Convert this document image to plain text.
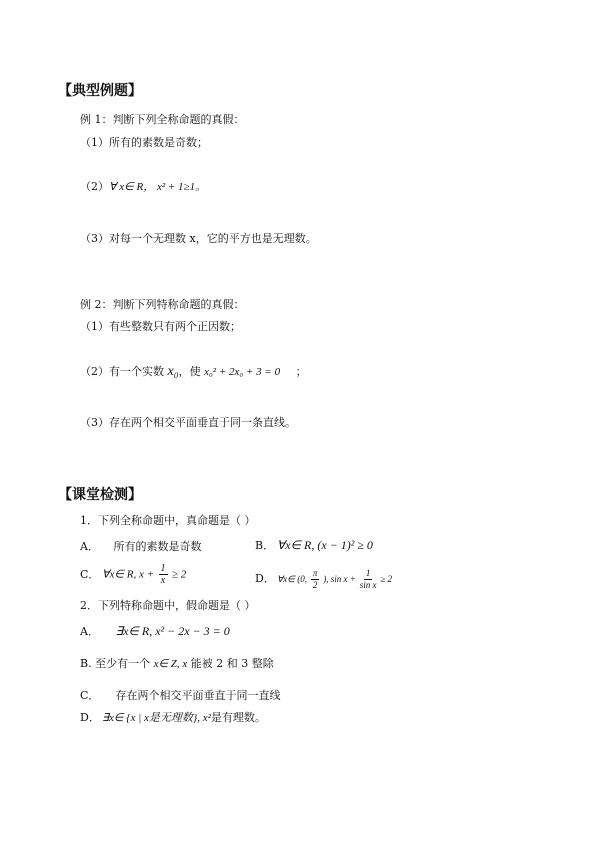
【典型例题】
例 1：判断下列全称命题的真假：
（1）所有的素数是奇数；
（2）∀ x∈ R， x² + 1≥1。
（3）对每一个无理数 x，它的平方也是无理数。
例 2：判断下列特称命题的真假：
（1）有些整数只有两个正因数；
（2）有一个实数 x₀，使 x₀² + 2x₀ + 3 = 0 ；
（3）存在两个相交平面垂直于同一条直线。
【课堂检测】
1．下列全称命题中，真命题是（ ）
A． 所有的素数是奇数	B． ∀x∈ R, (x − 1)² ≥ 0
C． ∀x∈ R, $x + \frac{1}{x} \ge 2$	D． ∀x∈ (0, $\frac{\pi}{2}$ ), $\sin x + \frac{1}{\text{sin x}} \ge 2$
2．下列特称命题中，假命题是（ ）
A． ∃x∈ R, x² − 2x − 3 = 0
B. 至少有一个 x∈ Z, x 能被 2 和 3 整除
C． 存在两个相交平面垂直于同一直线
D． ∃x∈ {x | x是无理数}, x²是有理数。
